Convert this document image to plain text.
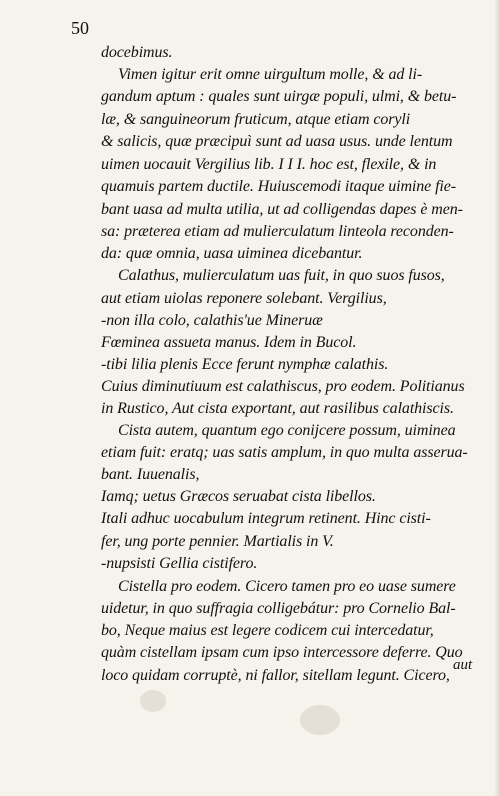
50
docebimus.
Vimen igitur erit omne uirgultum molle, & ad li-
gandum aptum : quales sunt uirgæ populi, ulmi, & betu-
læ, & sanguineorum fruticum, atque etiam coryli
& salicis, quæ præcipuì sunt ad uasa usus. unde lentum
uimen uocauit Vergilius lib. I I I. hoc est, flexile, & in
quamuis partem ductile. Huiuscemodi itaque uimine fie-
bant uasa ad multa utilia, ut ad colligendas dapes è men-
sa: præterea etiam ad mulierculatum linteola reconden-
da: quæ omnia, uasa uiminea dicebantur.
Calathus, mulierculatum uas fuit, in quo suos fusos,
aut etiam uiolas reponere solebant. Vergilius,
-non illa colo, calathis'ue Mineruæ
Fœminea assueta manus. Idem in Bucol.
-tibi lilia plenis Ecce ferunt nymphæ calathis.
Cuius diminutiuum est calathiscus, pro eodem. Politianus
in Rustico, Aut cista exportant, aut rasilibus calathiscis.
Cista autem, quantum ego conijcere possum, uiminea
etiam fuit: eratq; uas satis amplum, in quo multa asserua-
bant. Iuuenalis,
Iamq; uetus Græcos seruabat cista libellos.
Itali adhuc uocabulum integrum retinent. Hinc cisti-
fer, ung porte pennier. Martialis in V.
-nupsisti Gellia cistifero.
Cistella pro eodem. Cicero tamen pro eo uase sumere
uidetur, in quo suffragia colligebátur: pro Cornelio Bal-
bo, Neque maius est legere codicem cui intercedatur,
quàm cistellam ipsam cum ipso intercessore deferre. Quo
loco quidam corruptè, ni fallor, sitellam legunt. Cicero,
aut
